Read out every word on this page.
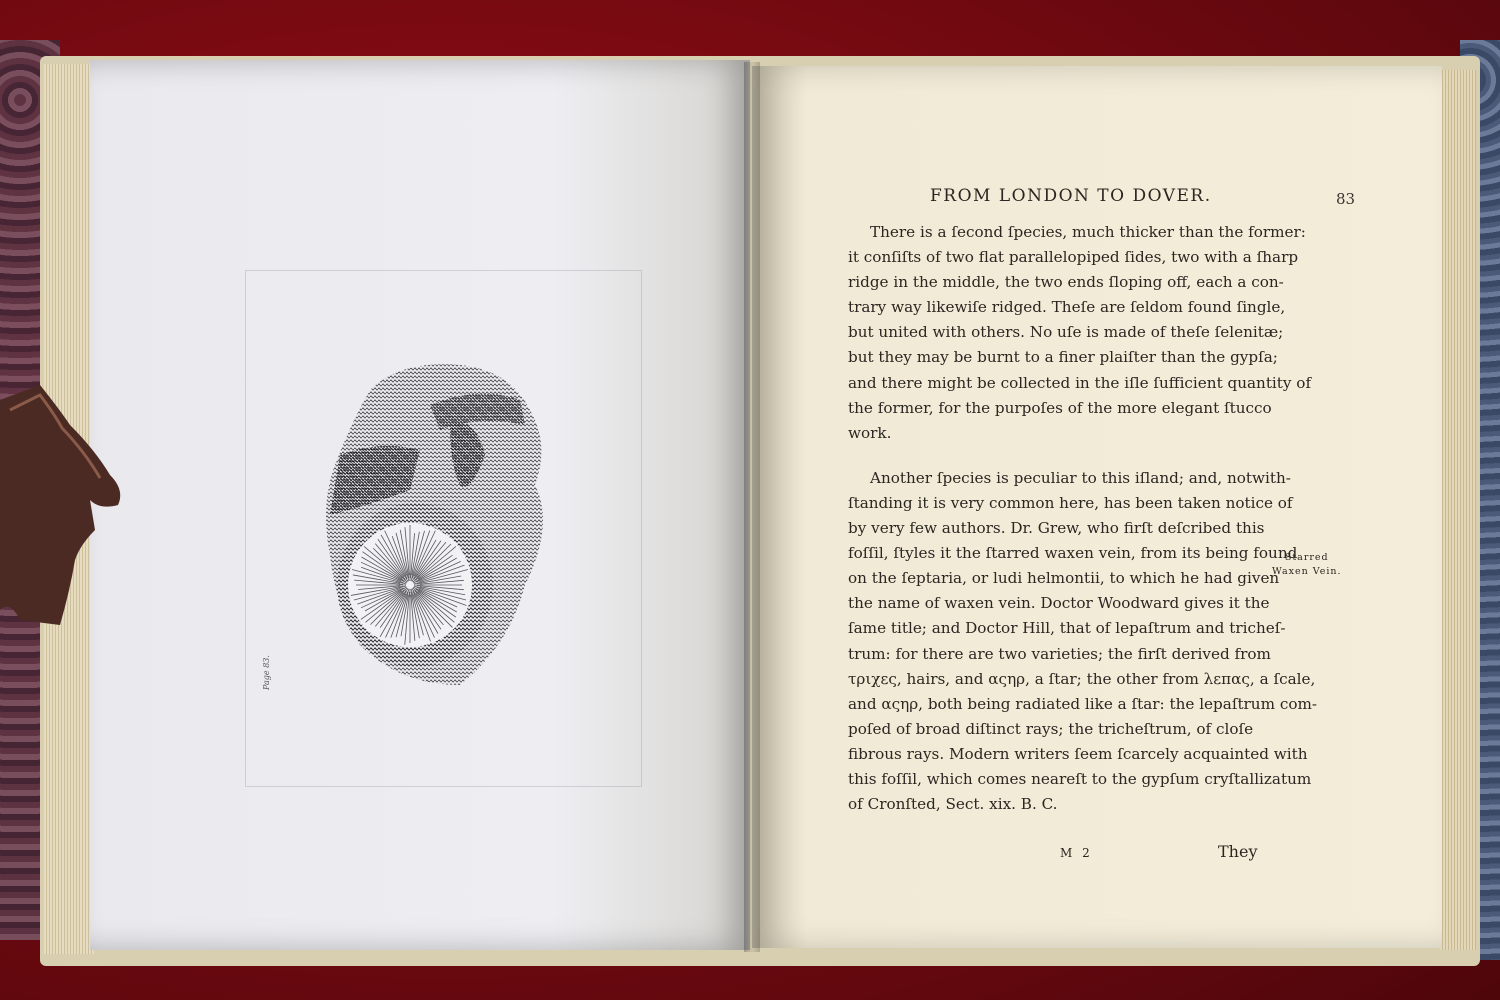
Page 83.
FROM LONDON TO DOVER.	83
There is a ſecond ſpecies, much thicker than the former:
it conſiſts of two flat parallelopiped ſides, two with a ſharp
ridge in the middle, the two ends ſloping off, each a con-
trary way likewiſe ridged. Theſe are ſeldom found ſingle,
but united with others. No uſe is made of theſe ſelenitæ;
but they may be burnt to a finer plaiſter than the gypſa;
and there might be collected in the iſle ſufficient quantity of
the former, for the purpoſes of the more elegant ſtucco
work.
Another ſpecies is peculiar to this iſland; and, notwith-
ſtanding it is very common here, has been taken notice of
by very few authors. Dr. Grew, who firſt deſcribed this
foſſil, ſtyles it the ſtarred waxen vein, from its being found
on the ſeptaria, or ludi helmontii, to which he had given
the name of waxen vein. Doctor Woodward gives it the
ſame title; and Doctor Hill, that of lepaſtrum and tricheſ-
trum: for there are two varieties; the firſt derived from
τριχες, hairs, and αςηρ, a ſtar; the other from λεπας, a ſcale,
and αςηρ, both being radiated like a ſtar: the lepaſtrum com-
poſed of broad diſtinct rays; the tricheſtrum, of cloſe
fibrous rays. Modern writers ſeem ſcarcely acquainted with
this foſſil, which comes neareſt to the gypſum cryſtallizatum
of Cronſted, Sect. xix. B. C.
Starred
Waxen Vein.
M 2	They
